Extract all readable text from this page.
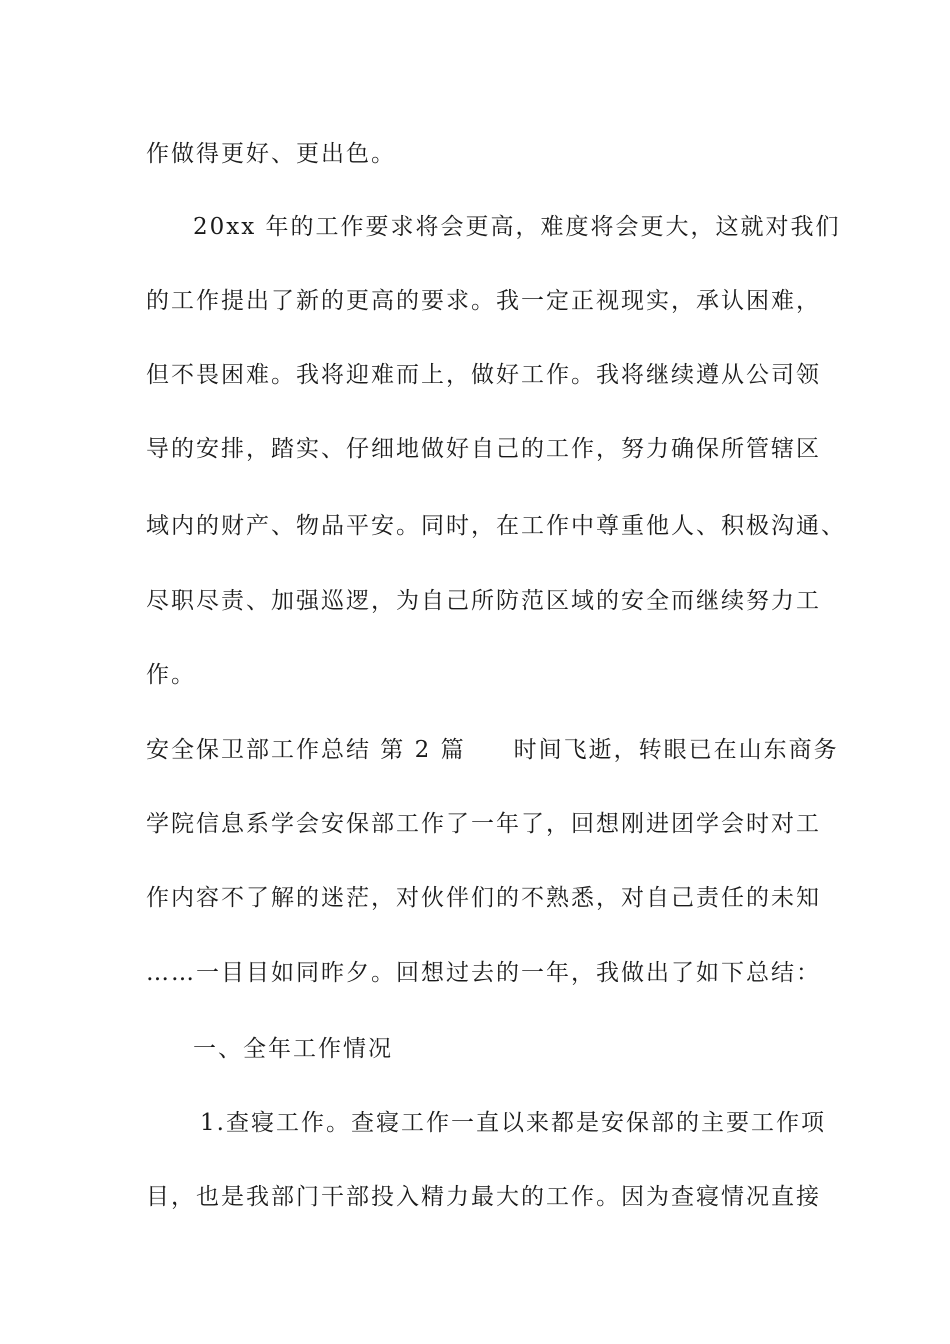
作做得更好、更出色。
20xx 年的工作要求将会更高，难度将会更大，这就对我们
的工作提出了新的更高的要求。我一定正视现实，承认困难，
但不畏困难。我将迎难而上，做好工作。我将继续遵从公司领
导的安排，踏实、仔细地做好自己的工作，努力确保所管辖区
域内的财产、物品平安。同时，在工作中尊重他人、积极沟通、
尽职尽责、加强巡逻，为自己所防范区域的安全而继续努力工
作。
安全保卫部工作总结 第 2 篇 时间飞逝，转眼已在山东商务
学院信息系学会安保部工作了一年了，回想刚进团学会时对工
作内容不了解的迷茫，对伙伴们的不熟悉，对自己责任的未知
……一目目如同昨夕。回想过去的一年，我做出了如下总结：
一、全年工作情况
1.查寝工作。查寝工作一直以来都是安保部的主要工作项
目，也是我部门干部投入精力最大的工作。因为查寝情况直接
